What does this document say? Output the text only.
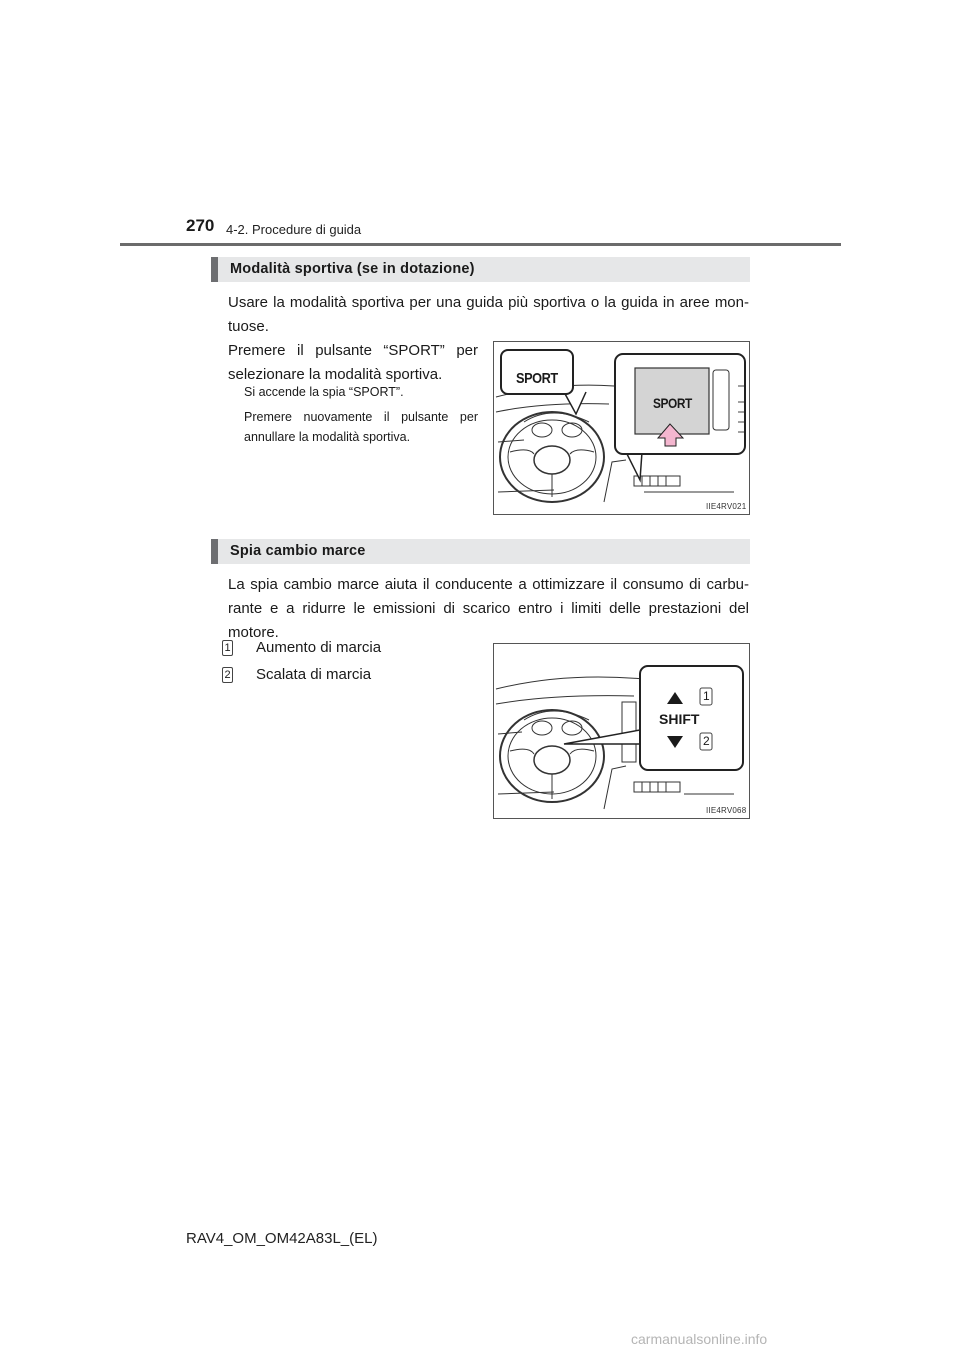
270 4-2. Procedure di guida
Modalità sportiva (se in dotazione)
Usare la modalità sportiva per una guida più sportiva o la guida in aree mon- tuose.
Premere il pulsante “SPORT” per selezionare la modalità sportiva.
Si accende la spia “SPORT”.
Premere nuovamente il pulsante per annullare la modalità sportiva.
SPORT
SPORT
IIE4RV021
Spia cambio marce
La spia cambio marce aiuta il conducente a ottimizzare il consumo di carbu- rante e a ridurre le emissioni di scarico entro i limiti delle prestazioni del motore.
1 Aumento di marcia
2 Scalata di marcia
SHIFT
1
2
IIE4RV068
RAV4_OM_OM42A83L_(EL)
carmanualsonline.info
